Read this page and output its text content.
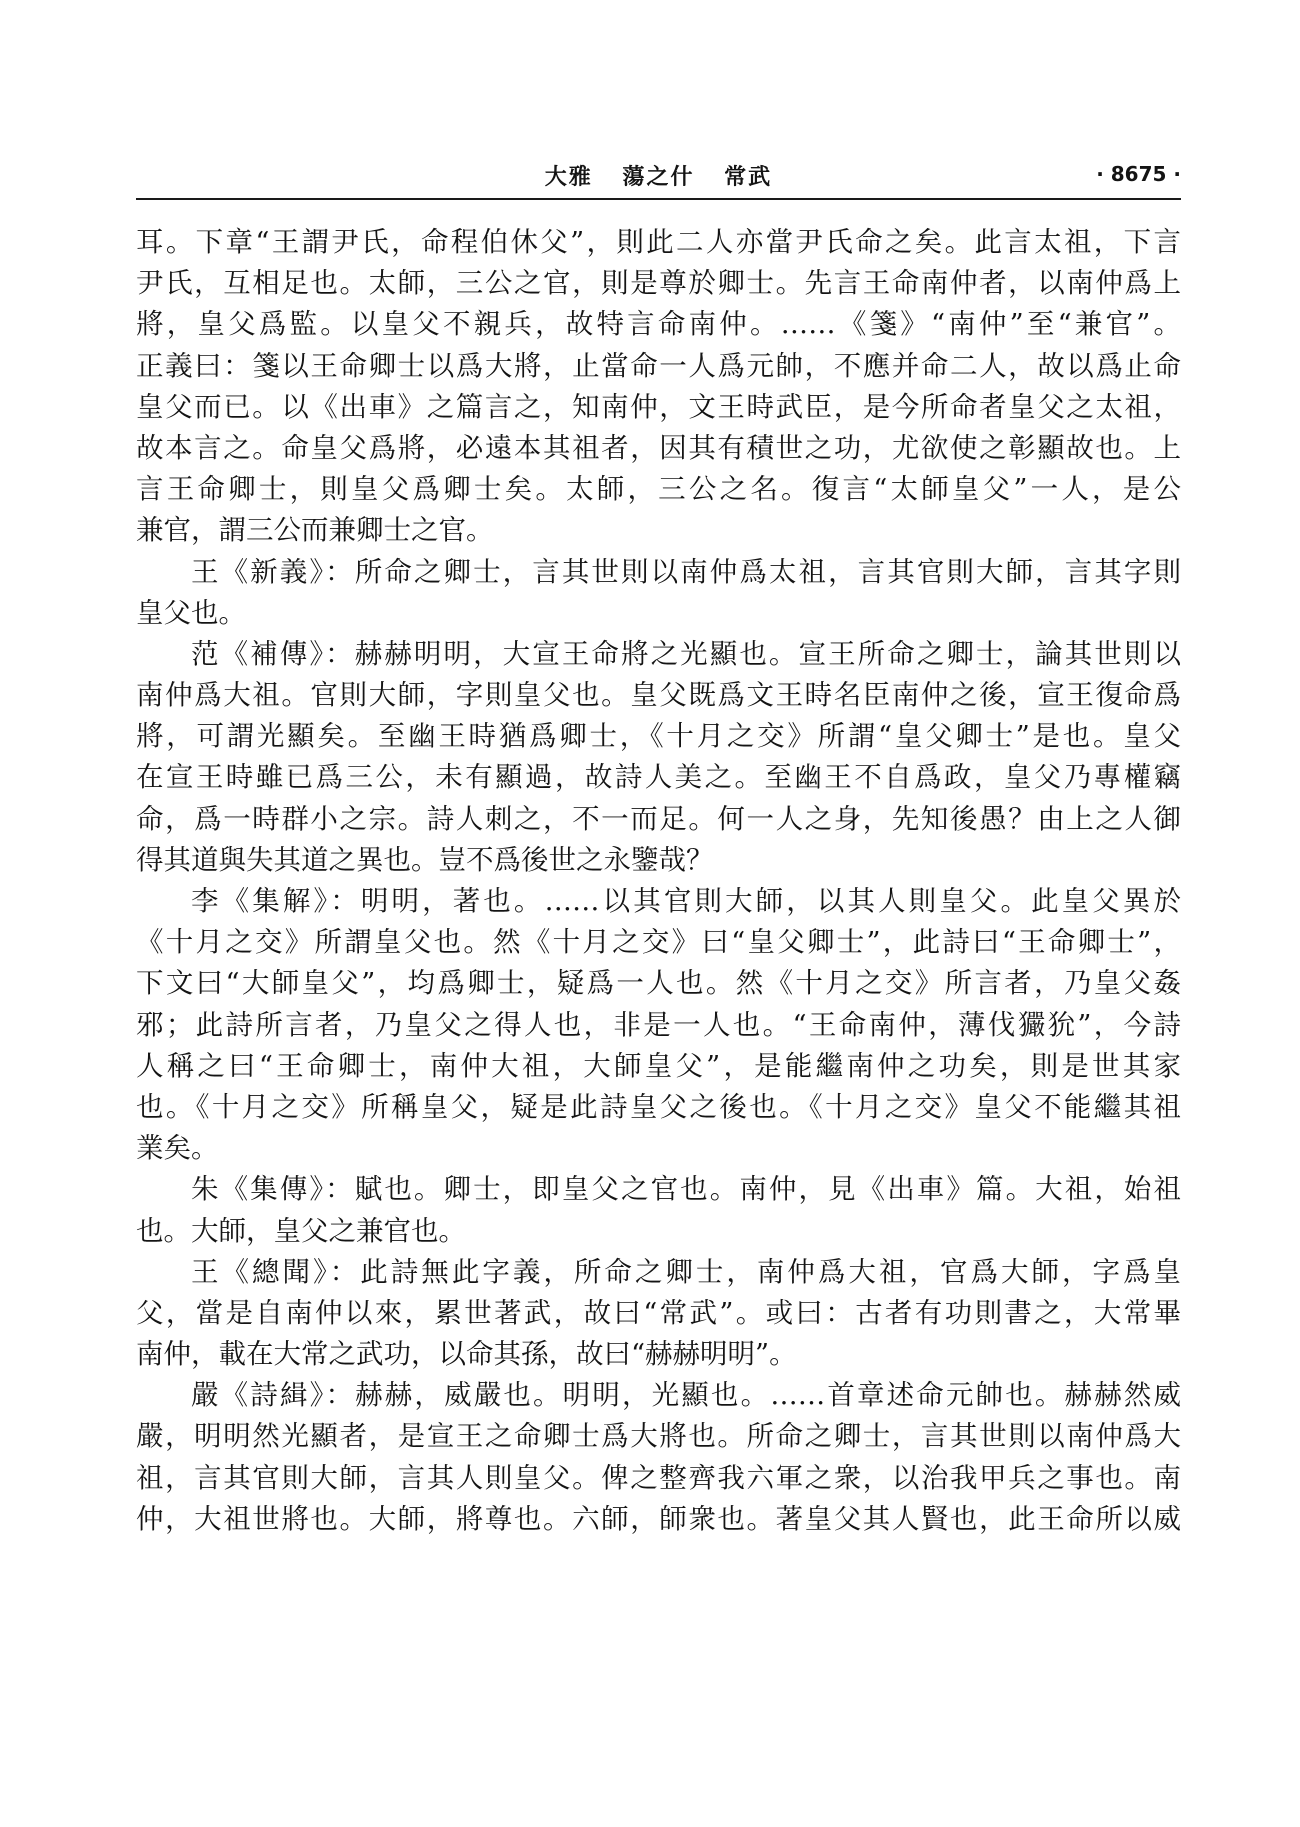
大雅 蕩之什 常武	· 8675 ·
耳。下章“王謂尹氏，命程伯休父”，則此二人亦當尹氏命之矣。此言太祖，下言
尹氏，互相足也。太師，三公之官，則是尊於卿士。先言王命南仲者，以南仲爲上
將，皇父爲監。以皇父不親兵，故特言命南仲。……《箋》“南仲”至“兼官”。
正義曰：箋以王命卿士以爲大將，止當命一人爲元帥，不應并命二人，故以爲止命
皇父而已。以《出車》之篇言之，知南仲，文王時武臣，是今所命者皇父之太祖，
故本言之。命皇父爲將，必遠本其祖者，因其有積世之功，尤欲使之彰顯故也。上
言王命卿士，則皇父爲卿士矣。太師，三公之名。復言“太師皇父”一人，是公
兼官，謂三公而兼卿士之官。
王《新義》：所命之卿士，言其世則以南仲爲太祖，言其官則大師，言其字則
皇父也。
范《補傳》：赫赫明明，大宣王命將之光顯也。宣王所命之卿士，論其世則以
南仲爲大祖。官則大師，字則皇父也。皇父既爲文王時名臣南仲之後，宣王復命爲
將，可謂光顯矣。至幽王時猶爲卿士，《十月之交》所謂“皇父卿士”是也。皇父
在宣王時雖已爲三公，未有顯過，故詩人美之。至幽王不自爲政，皇父乃專權竊
命，爲一時群小之宗。詩人刺之，不一而足。何一人之身，先知後愚？由上之人御
得其道與失其道之異也。豈不爲後世之永鑒哉？
李《集解》：明明，著也。……以其官則大師，以其人則皇父。此皇父異於
《十月之交》所謂皇父也。然《十月之交》曰“皇父卿士”，此詩曰“王命卿士”，
下文曰“大師皇父”，均爲卿士，疑爲一人也。然《十月之交》所言者，乃皇父姦
邪；此詩所言者，乃皇父之得人也，非是一人也。“王命南仲，薄伐玁狁”，今詩
人稱之曰“王命卿士，南仲大祖，大師皇父”，是能繼南仲之功矣，則是世其家
也。《十月之交》所稱皇父，疑是此詩皇父之後也。《十月之交》皇父不能繼其祖
業矣。
朱《集傳》：賦也。卿士，即皇父之官也。南仲，見《出車》篇。大祖，始祖
也。大師，皇父之兼官也。
王《總聞》：此詩無此字義，所命之卿士，南仲爲大祖，官爲大師，字爲皇
父，當是自南仲以來，累世著武，故曰“常武”。或曰：古者有功則書之，大常畢
南仲，載在大常之武功，以命其孫，故曰“赫赫明明”。
嚴《詩緝》：赫赫，威嚴也。明明，光顯也。……首章述命元帥也。赫赫然威
嚴，明明然光顯者，是宣王之命卿士爲大將也。所命之卿士，言其世則以南仲爲大
祖，言其官則大師，言其人則皇父。俾之整齊我六軍之衆，以治我甲兵之事也。南
仲，大祖世將也。大師，將尊也。六師，師衆也。著皇父其人賢也，此王命所以威
